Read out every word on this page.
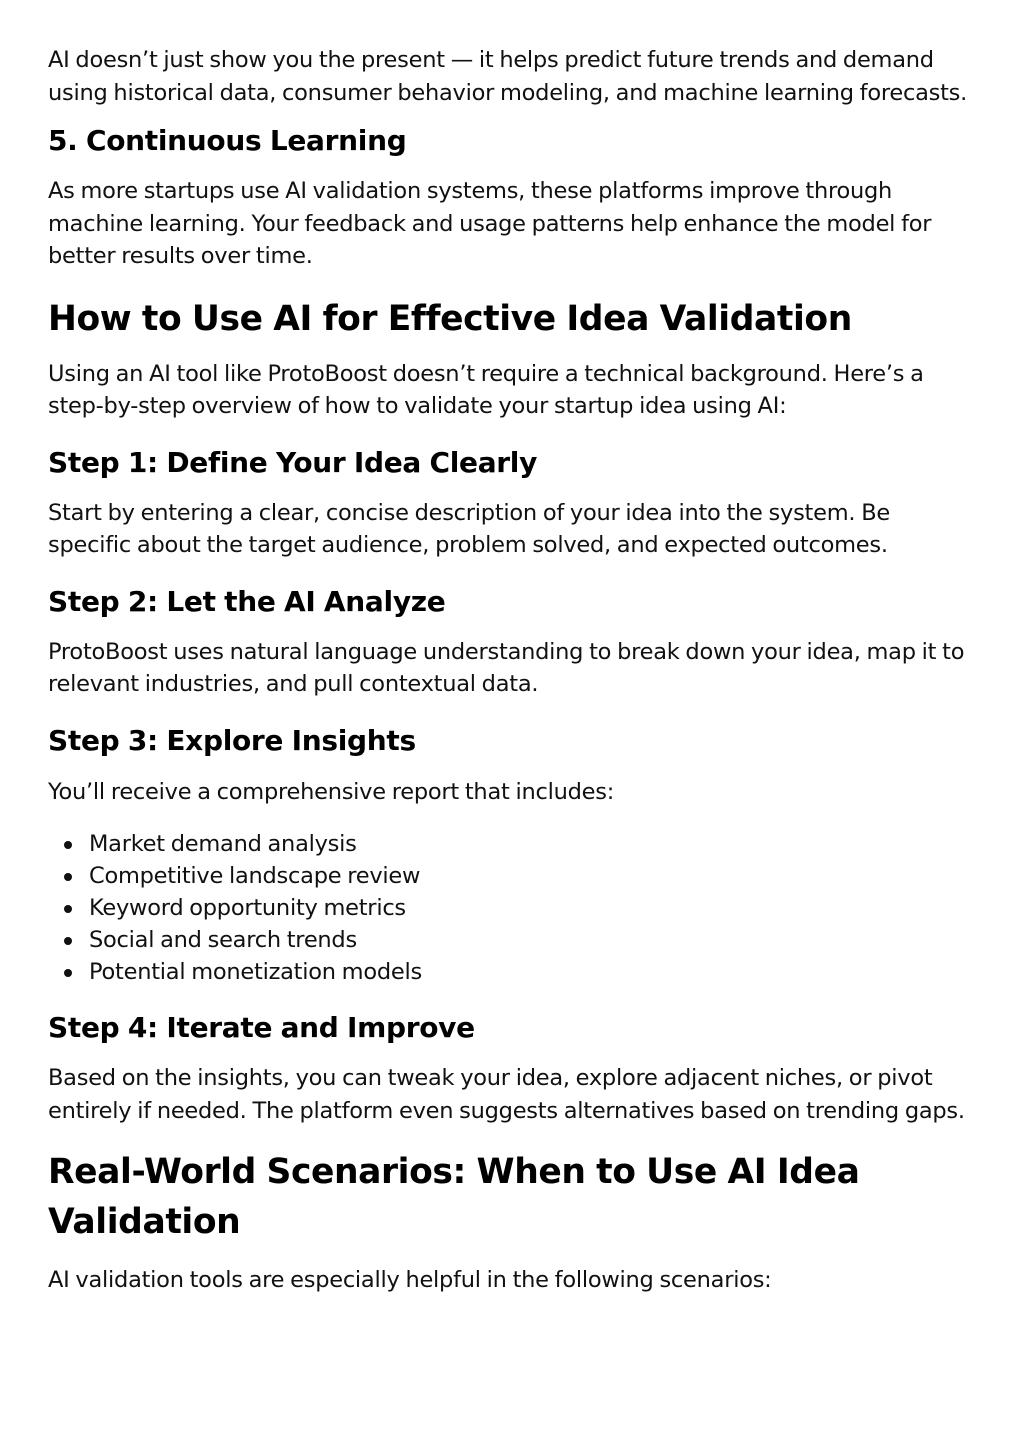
AI doesn’t just show you the present — it helps predict future trends and demand using historical data, consumer behavior modeling, and machine learning forecasts.

5. Continuous Learning

As more startups use AI validation systems, these platforms improve through machine learning. Your feedback and usage patterns help enhance the model for better results over time.

How to Use AI for Effective Idea Validation

Using an AI tool like ProtoBoost doesn’t require a technical background. Here’s a step-by-step overview of how to validate your startup idea using AI:

Step 1: Define Your Idea Clearly

Start by entering a clear, concise description of your idea into the system. Be specific about the target audience, problem solved, and expected outcomes.

Step 2: Let the AI Analyze

ProtoBoost uses natural language understanding to break down your idea, map it to relevant industries, and pull contextual data.

Step 3: Explore Insights

You’ll receive a comprehensive report that includes:

Market demand analysis
Competitive landscape review
Keyword opportunity metrics
Social and search trends
Potential monetization models
Step 4: Iterate and Improve

Based on the insights, you can tweak your idea, explore adjacent niches, or pivot entirely if needed. The platform even suggests alternatives based on trending gaps.

Real-World Scenarios: When to Use AI Idea Validation

AI validation tools are especially helpful in the following scenarios:
